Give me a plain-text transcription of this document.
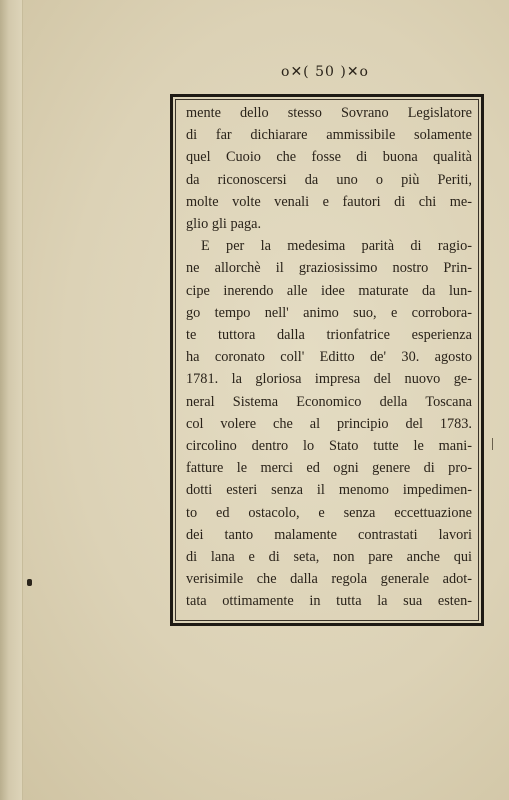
o✕( 50 )✕o
mente dello stesso Sovrano Legislatore
di far dichiarare ammissibile solamente
quel Cuoio che fosse di buona qualità
da riconoscersi da uno o più Periti,
molte volte venali e fautori di chi me-
glio gli paga.
E per la medesima parità di ragio-
ne allorchè il graziosissimo nostro Prin-
cipe inerendo alle idee maturate da lun-
go tempo nell' animo suo, e corrobora-
te tuttora dalla trionfatrice esperienza
ha coronato coll' Editto de' 30. agosto
1781. la gloriosa impresa del nuovo ge-
neral Sistema Economico della Toscana
col volere che al principio del 1783.
circolino dentro lo Stato tutte le mani-
fatture le merci ed ogni genere di pro-
dotti esteri senza il menomo impedimen-
to ed ostacolo, e senza eccettuazione
dei tanto malamente contrastati lavori
di lana e di seta, non pare anche qui
verisimile che dalla regola generale adot-
tata ottimamente in tutta la sua esten-
